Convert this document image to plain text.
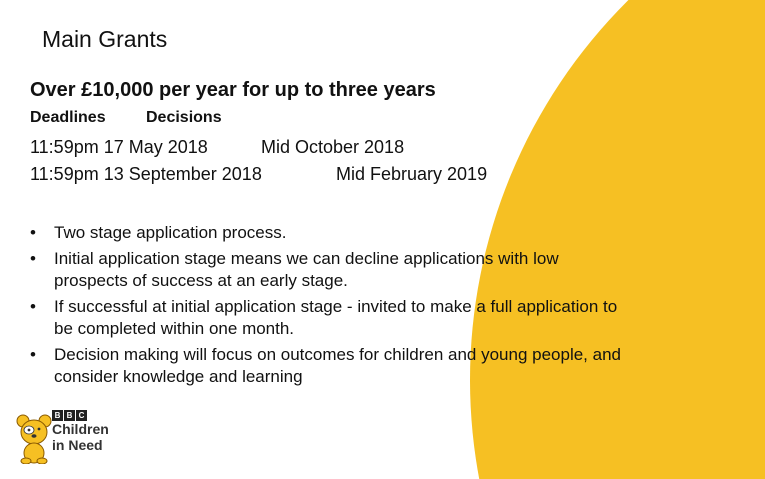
Main Grants
Over £10,000 per year for up to three years
Deadlines	Decisions
11:59pm 17 May 2018	Mid October 2018
11:59pm 13 September 2018	Mid February 2019
• Two stage application process.
• Initial application stage means we can decline applications with low prospects of success at an early stage.
• If successful at initial application stage - invited to make a full application to be completed within one month.
• Decision making will focus on outcomes for children and young people, and consider knowledge and learning
B B C
Children
in Need
